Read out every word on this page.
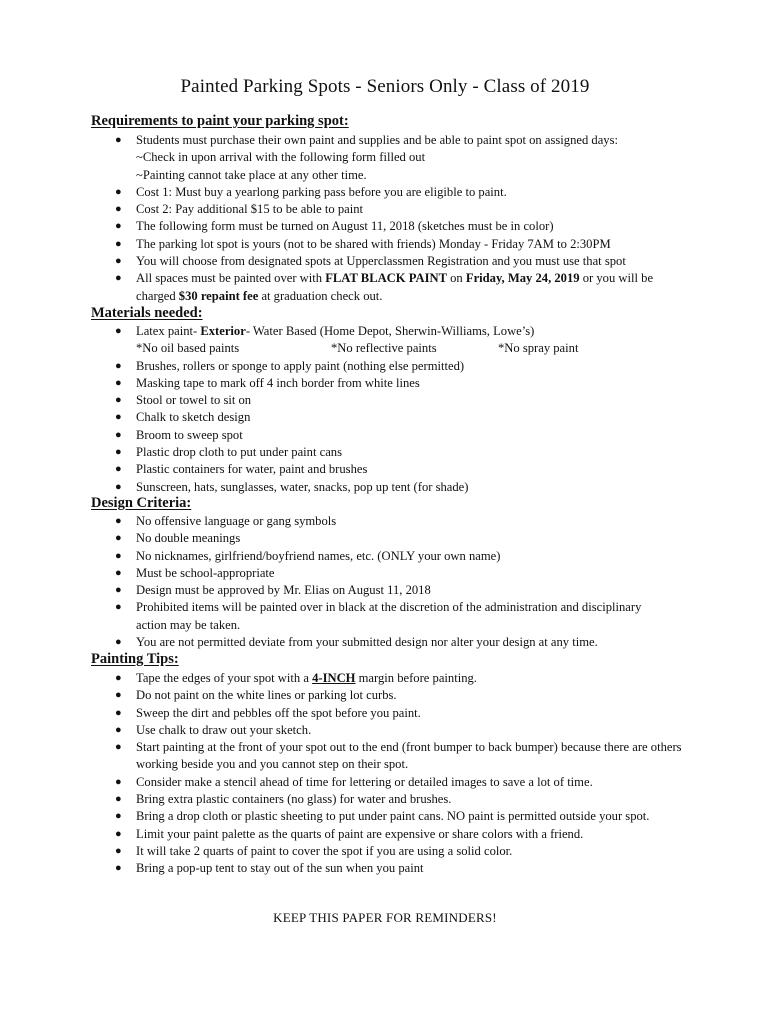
Painted Parking Spots - Seniors Only - Class of 2019
Requirements to paint your parking spot:
● Students must purchase their own paint and supplies and be able to paint spot on assigned days:
~Check in upon arrival with the following form filled out
~Painting cannot take place at any other time.
● Cost 1: Must buy a yearlong parking pass before you are eligible to paint.
● Cost 2: Pay additional $15 to be able to paint
● The following form must be turned on August 11, 2018 (sketches must be in color)
● The parking lot spot is yours (not to be shared with friends) Monday - Friday 7AM to 2:30PM
● You will choose from designated spots at Upperclassmen Registration and you must use that spot
● All spaces must be painted over with FLAT BLACK PAINT on Friday, May 24, 2019 or you will be charged $30 repaint fee at graduation check out.
Materials needed:
● Latex paint- Exterior- Water Based (Home Depot, Sherwin-Williams, Lowe’s)
*No oil based paints	*No reflective paints	*No spray paint
● Brushes, rollers or sponge to apply paint (nothing else permitted)
● Masking tape to mark off 4 inch border from white lines
● Stool or towel to sit on
● Chalk to sketch design
● Broom to sweep spot
● Plastic drop cloth to put under paint cans
● Plastic containers for water, paint and brushes
● Sunscreen, hats, sunglasses, water, snacks, pop up tent (for shade)
Design Criteria:
● No offensive language or gang symbols
● No double meanings
● No nicknames, girlfriend/boyfriend names, etc. (ONLY your own name)
● Must be school-appropriate
● Design must be approved by Mr. Elias on August 11, 2018
● Prohibited items will be painted over in black at the discretion of the administration and disciplinary action may be taken.
● You are not permitted deviate from your submitted design nor alter your design at any time.
Painting Tips:
● Tape the edges of your spot with a 4-INCH margin before painting.
● Do not paint on the white lines or parking lot curbs.
● Sweep the dirt and pebbles off the spot before you paint.
● Use chalk to draw out your sketch.
● Start painting at the front of your spot out to the end (front bumper to back bumper) because there are others working beside you and you cannot step on their spot.
● Consider make a stencil ahead of time for lettering or detailed images to save a lot of time.
● Bring extra plastic containers (no glass) for water and brushes.
● Bring a drop cloth or plastic sheeting to put under paint cans. NO paint is permitted outside your spot.
● Limit your paint palette as the quarts of paint are expensive or share colors with a friend.
● It will take 2 quarts of paint to cover the spot if you are using a solid color.
● Bring a pop-up tent to stay out of the sun when you paint
KEEP THIS PAPER FOR REMINDERS!
